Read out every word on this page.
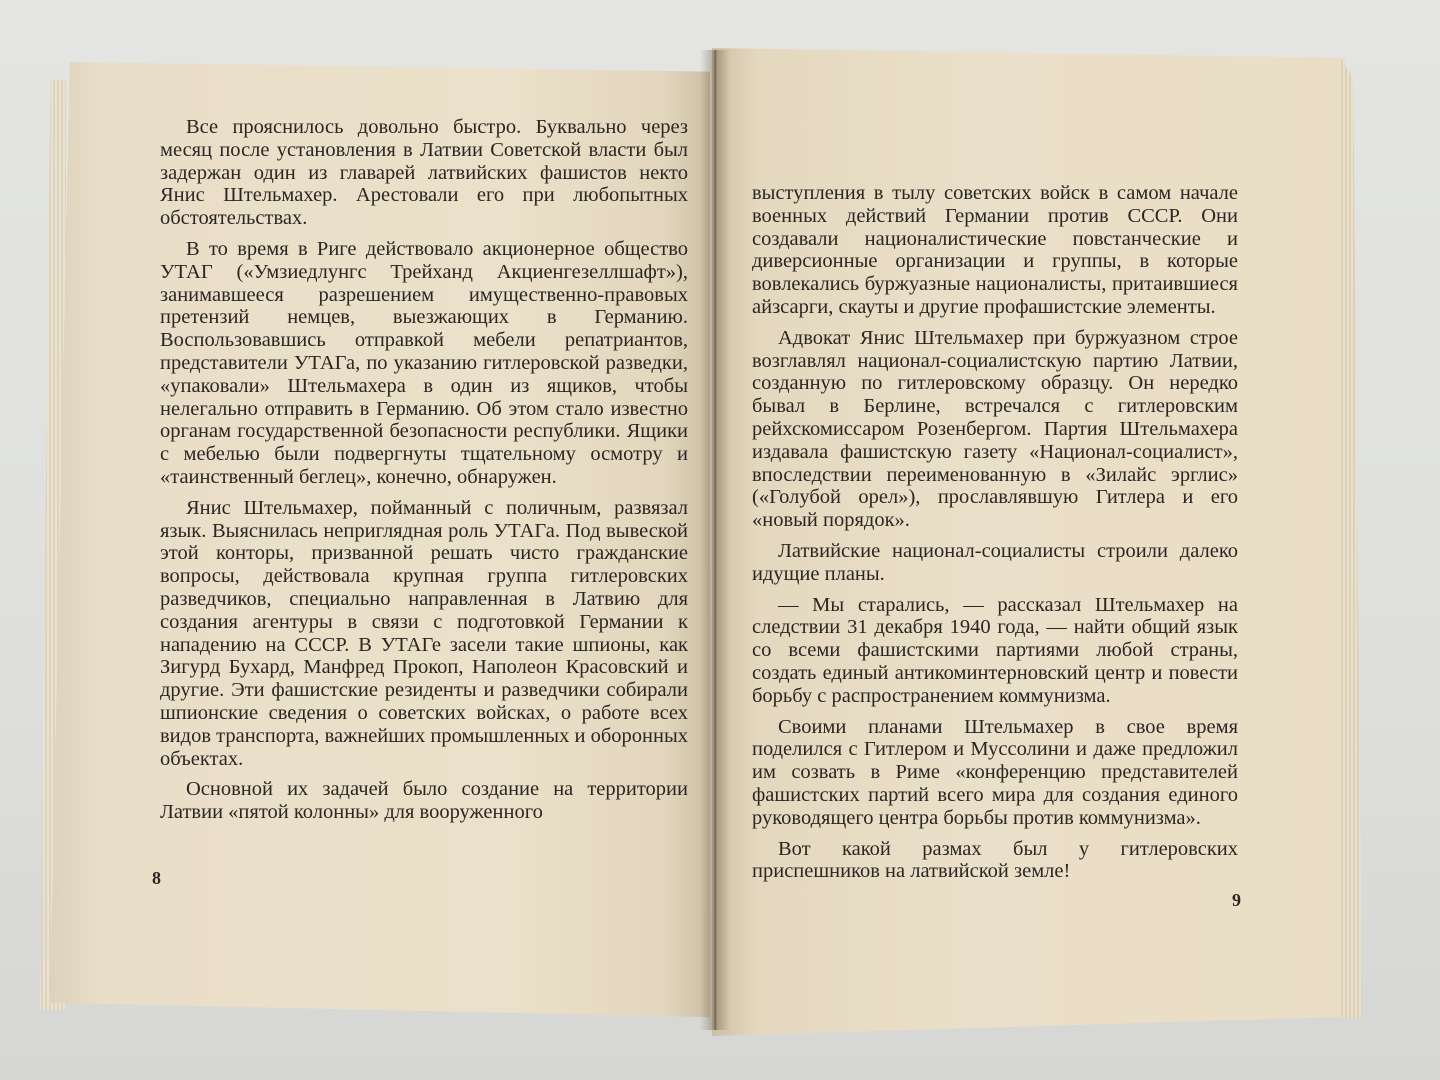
Все прояснилось довольно быстро. Буквально через месяц после установления в Латвии Советской власти был задержан один из главарей латвийских фашистов некто Янис Штельмахер. Арестовали его при любопытных обстоятельствах.

В то время в Риге действовало акционерное общество УТАГ («Умзиедлунгс Трейханд Акциенгезеллшафт»), занимавшееся разрешением имущественно-правовых претензий немцев, выезжающих в Германию. Воспользовавшись отправкой мебели репатриантов, представители УТАГа, по указанию гитлеровской разведки, «упаковали» Штельмахера в один из ящиков, чтобы нелегально отправить в Германию. Об этом стало известно органам государственной безопасности республики. Ящики с мебелью были подвергнуты тщательному осмотру и «таинственный беглец», конечно, обнаружен.

Янис Штельмахер, пойманный с поличным, развязал язык. Выяснилась неприглядная роль УТАГа. Под вывеской этой конторы, призванной решать чисто гражданские вопросы, действовала крупная группа гитлеровских разведчиков, специально направленная в Латвию для создания агентуры в связи с подготовкой Германии к нападению на СССР. В УТАГе засели такие шпионы, как Зигурд Бухард, Манфред Прокоп, Наполеон Красовский и другие. Эти фашистские резиденты и разведчики собирали шпионские сведения о советских войсках, о работе всех видов транспорта, важнейших промышленных и оборонных объектах.

Основной их задачей было создание на территории Латвии «пятой колонны» для вооруженного

8

выступления в тылу советских войск в самом начале военных действий Германии против СССР. Они создавали националистические повстанческие и диверсионные организации и группы, в которые вовлекались буржуазные националисты, притаившиеся айзсарги, скауты и другие профашистские элементы.

Адвокат Янис Штельмахер при буржуазном строе возглавлял национал-социалистскую партию Латвии, созданную по гитлеровскому образцу. Он нередко бывал в Берлине, встречался с гитлеровским рейхскомиссаром Розенбергом. Партия Штельмахера издавала фашистскую газету «Национал-социалист», впоследствии переименованную в «Зилайс эрглис» («Голубой орел»), прославлявшую Гитлера и его «новый порядок».

Латвийские национал-социалисты строили далеко идущие планы.

— Мы старались, — рассказал Штельмахер на следствии 31 декабря 1940 года, — найти общий язык со всеми фашистскими партиями любой страны, создать единый антикоминтерновский центр и повести борьбу с распространением коммунизма.

Своими планами Штельмахер в свое время поделился с Гитлером и Муссолини и даже предложил им созвать в Риме «конференцию представителей фашистских партий всего мира для создания единого руководящего центра борьбы против коммунизма».

Вот какой размах был у гитлеровских приспешников на латвийской земле!

9
